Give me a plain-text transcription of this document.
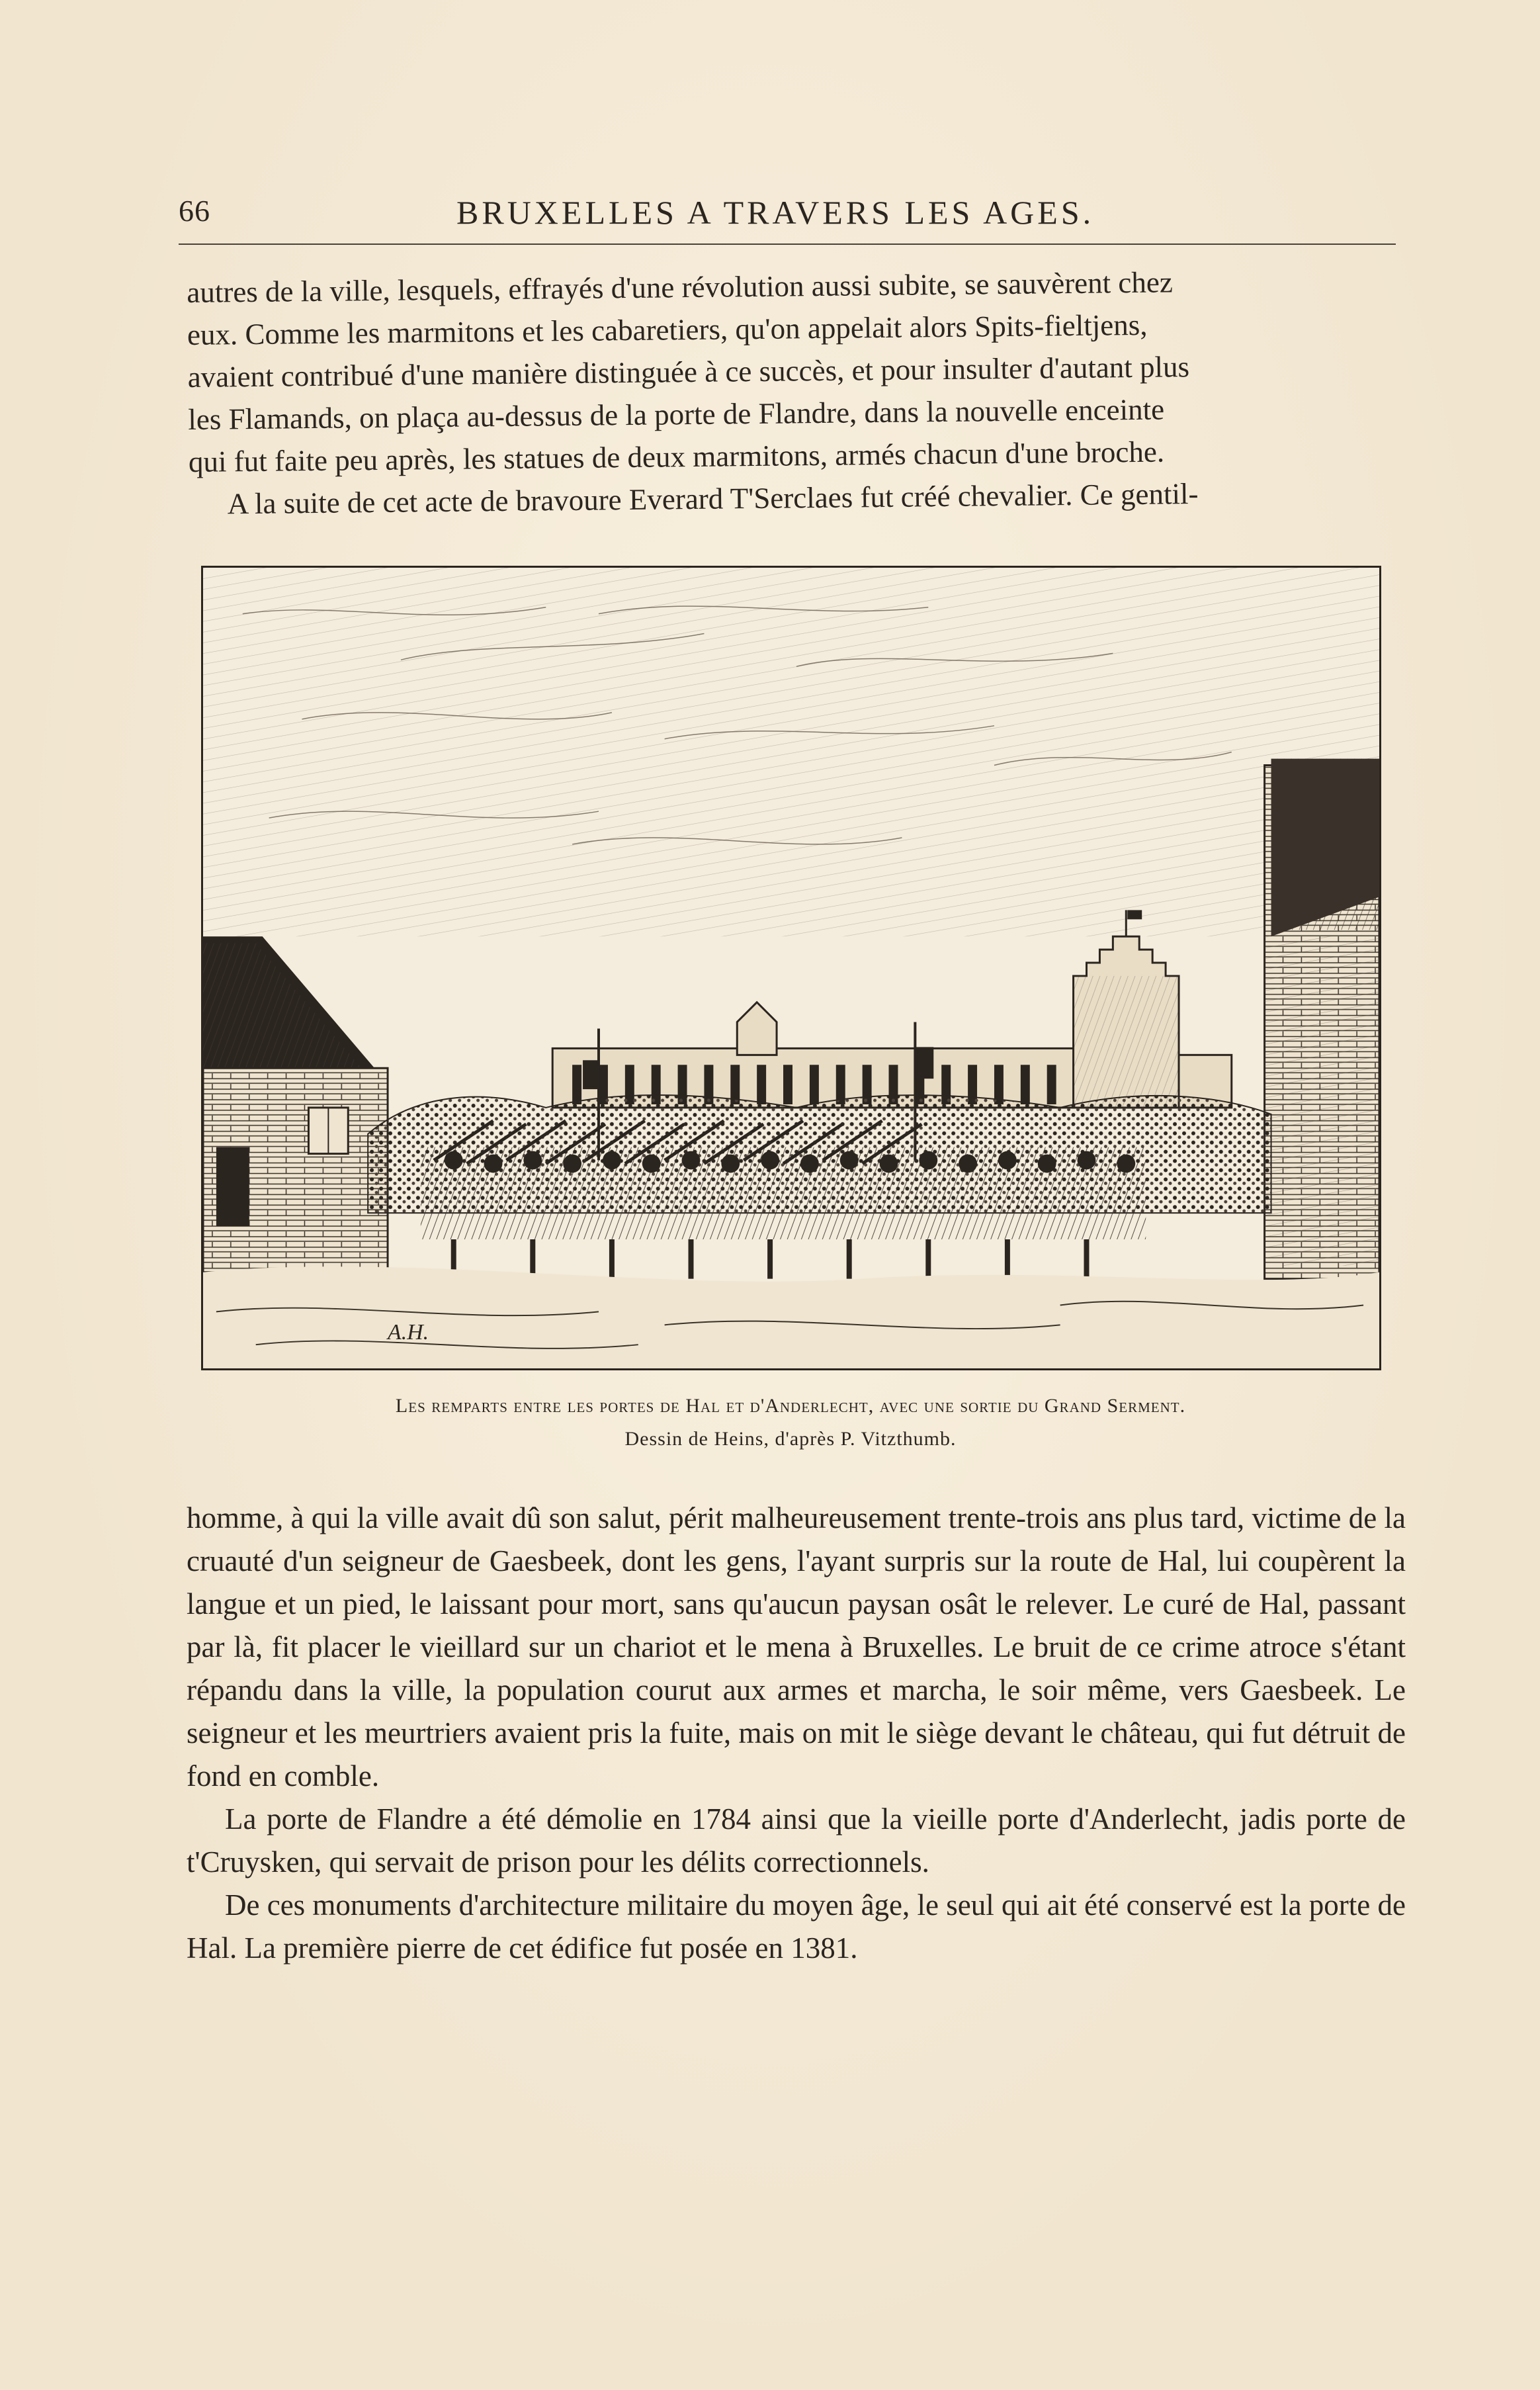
66	BRUXELLES A TRAVERS LES AGES.

autres de la ville, lesquels, effrayés d'une révolution aussi subite, se sauvèrent chez

eux. Comme les marmitons et les cabaretiers, qu'on appelait alors Spits-fieltjens,

avaient contribué d'une manière distinguée à ce succès, et pour insulter d'autant plus

les Flamands, on plaça au-dessus de la porte de Flandre, dans la nouvelle enceinte

qui fut faite peu après, les statues de deux marmitons, armés chacun d'une broche.

A la suite de cet acte de bravoure Everard T'Serclaes fut créé chevalier. Ce gentil-

A.H.
Les remparts entre les portes de Hal et d'Anderlecht, avec une sortie du Grand Serment.
Dessin de Heins, d'après P. Vitzthumb.

homme, à qui la ville avait dû son salut, périt malheureusement trente-trois ans plus tard, victime de la cruauté d'un seigneur de Gaesbeek, dont les gens, l'ayant surpris sur la route de Hal, lui coupèrent la langue et un pied, le laissant pour mort, sans qu'aucun paysan osât le relever. Le curé de Hal, passant par là, fit placer le vieillard sur un chariot et le mena à Bruxelles. Le bruit de ce crime atroce s'étant répandu dans la ville, la population courut aux armes et marcha, le soir même, vers Gaesbeek. Le seigneur et les meurtriers avaient pris la fuite, mais on mit le siège devant le château, qui fut détruit de fond en comble.

La porte de Flandre a été démolie en 1784 ainsi que la vieille porte d'Anderlecht, jadis porte de t'Cruysken, qui servait de prison pour les délits correctionnels.

De ces monuments d'architecture militaire du moyen âge, le seul qui ait été conservé est la porte de Hal. La première pierre de cet édifice fut posée en 1381.
